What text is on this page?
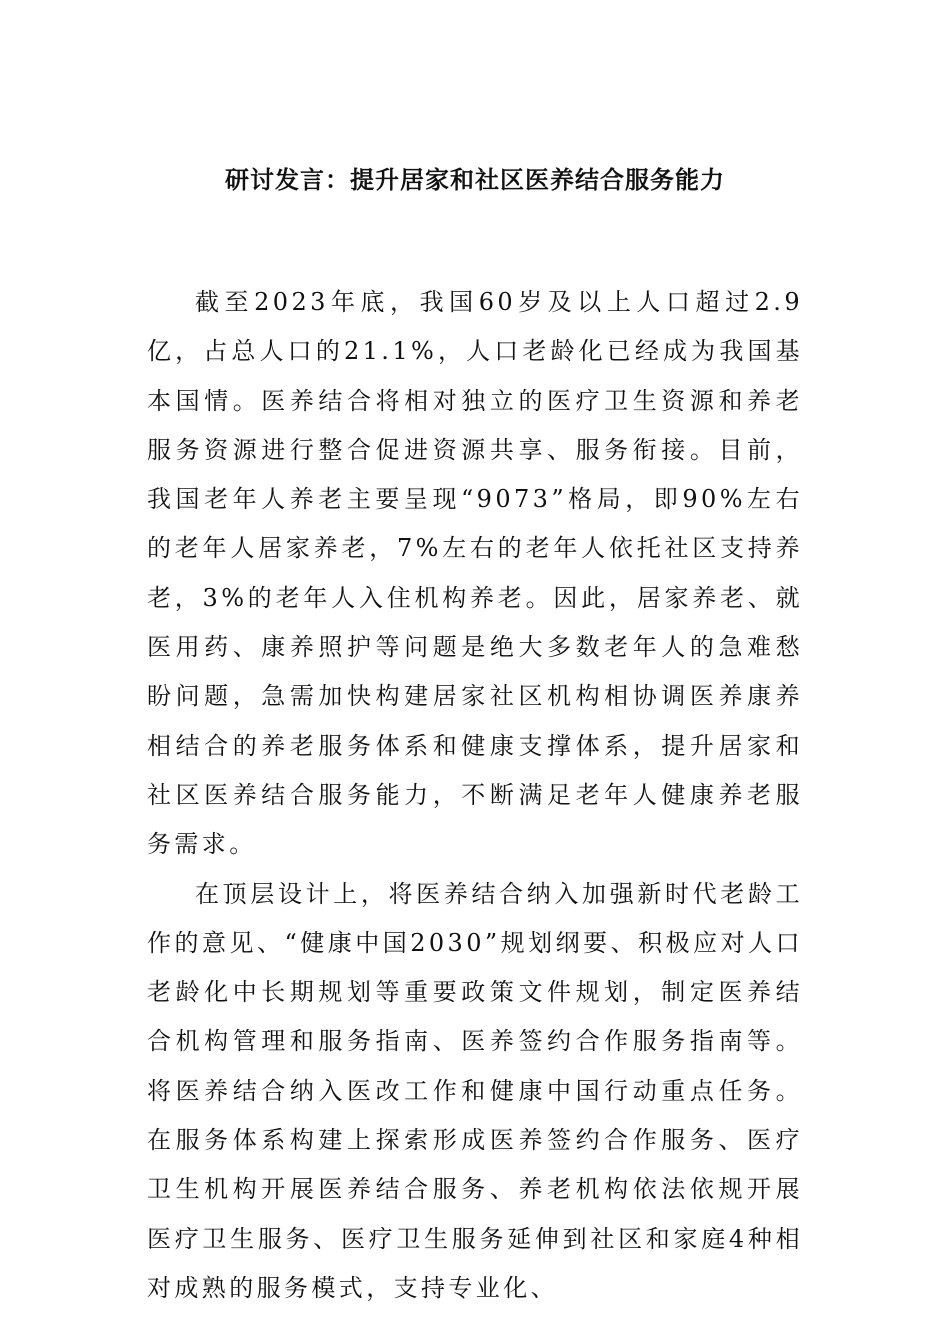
研讨发言：提升居家和社区医养结合服务能力

截至2023年底，我国60岁及以上人口超过2.9亿，占总人口的21.1%，人口老龄化已经成为我国基本国情。医养结合将相对独立的医疗卫生资源和养老服务资源进行整合促进资源共享、服务衔接。目前，我国老年人养老主要呈现“9073”格局，即90%左右的老年人居家养老，7%左右的老年人依托社区支持养老，3%的老年人入住机构养老。因此，居家养老、就医用药、康养照护等问题是绝大多数老年人的急难愁盼问题，急需加快构建居家社区机构相协调医养康养相结合的养老服务体系和健康支撑体系，提升居家和社区医养结合服务能力，不断满足老年人健康养老服务需求。

在顶层设计上，将医养结合纳入加强新时代老龄工作的意见、“健康中国2030”规划纲要、积极应对人口老龄化中长期规划等重要政策文件规划，制定医养结合机构管理和服务指南、医养签约合作服务指南等。将医养结合纳入医改工作和健康中国行动重点任务。在服务体系构建上探索形成医养签约合作服务、医疗卫生机构开展医养结合服务、养老机构依法依规开展医疗卫生服务、医疗卫生服务延伸到社区和家庭4种相对成熟的服务模式，支持专业化、
